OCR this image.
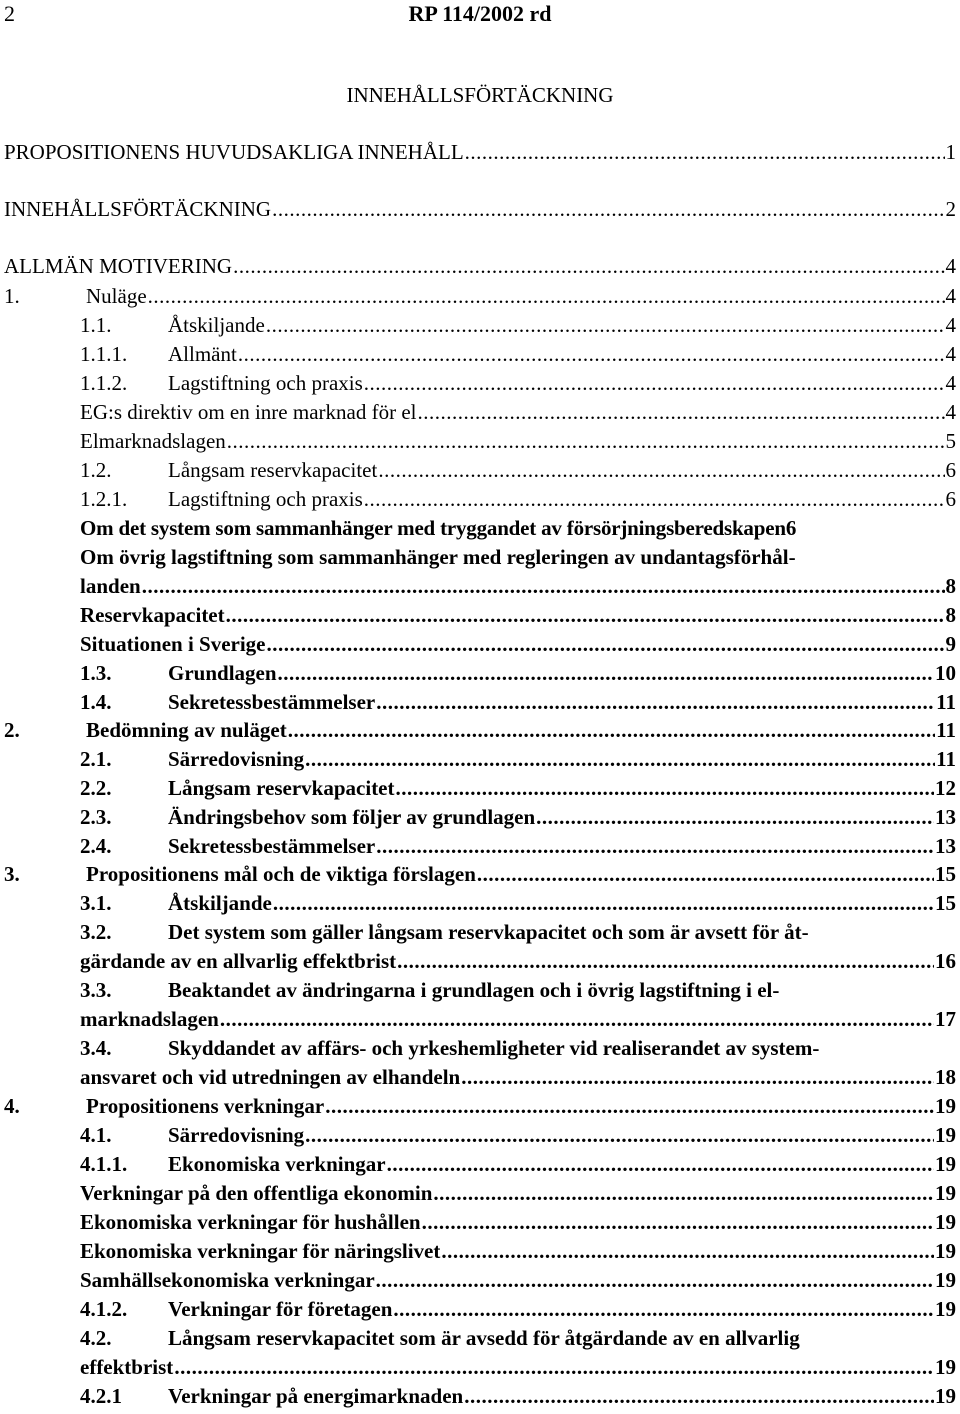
2	RP 114/2002 rd
INNEHÅLLSFÖRTÄCKNING
PROPOSITIONENS HUVUDSAKLIGA INNEHÅLL .....	1
INNEHÅLLSFÖRTÄCKNING .....	2
ALLMÄN MOTIVERING .....	4
1.	Nuläge .....	4
1.1.	Åtskiljande .....	4
1.1.1.	Allmänt .....	4
1.1.2.	Lagstiftning och praxis .....	4
EG:s direktiv om en inre marknad för el .....	4
Elmarknadslagen .....	5
1.2.	Långsam reservkapacitet .....	6
1.2.1.	Lagstiftning och praxis .....	6
Om det system som sammanhänger med tryggandet av försörjningsberedskapen 6
Om övrig lagstiftning som sammanhänger med regleringen av undantagsförhål-
landen .....	8
Reservkapacitet .....	8
Situationen i Sverige .....	9
1.3.	Grundlagen .....	10
1.4.	Sekretessbestämmelser .....	11
2.	Bedömning av nuläget .....	11
2.1.	Särredovisning .....	11
2.2.	Långsam reservkapacitet .....	12
2.3.	Ändringsbehov som följer av grundlagen .....	13
2.4.	Sekretessbestämmelser .....	13
3.	Propositionens mål och de viktiga förslagen .....	15
3.1.	Åtskiljande .....	15
3.2.	Det system som gäller långsam reservkapacitet och som är avsett för åt-
gärdande av en allvarlig effektbrist .....	16
3.3.	Beaktandet av ändringarna i grundlagen och i övrig lagstiftning i el-
marknadslagen .....	17
3.4.	Skyddandet av affärs- och yrkeshemligheter vid realiserandet av system-
ansvaret och vid utredningen av elhandeln .....	18
4.	Propositionens verkningar .....	19
4.1.	Särredovisning .....	19
4.1.1.	Ekonomiska verkningar .....	19
Verkningar på den offentliga ekonomin .....	19
Ekonomiska verkningar för hushållen .....	19
Ekonomiska verkningar för näringslivet .....	19
Samhällsekonomiska verkningar .....	19
4.1.2.	Verkningar för företagen .....	19
4.2.	Långsam reservkapacitet som är avsedd för åtgärdande av en allvarlig
effektbrist .....	19
4.2.1	Verkningar på energimarknaden .....	19
